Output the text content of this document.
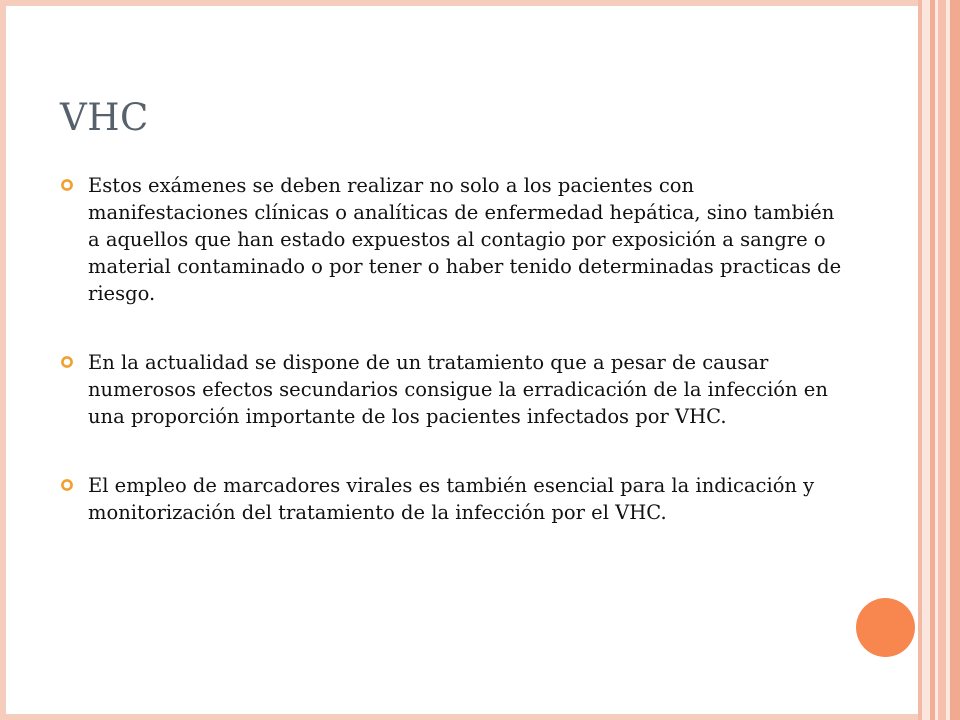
VHC
Estos exámenes se deben realizar no solo a los pacientes con manifestaciones clínicas o analíticas de enfermedad hepática, sino también a aquellos que han estado expuestos al contagio por exposición a sangre o material contaminado o por tener o haber tenido determinadas practicas de riesgo.
En la actualidad se dispone de un tratamiento que a pesar de causar numerosos efectos secundarios consigue la erradicación de la infección en una proporción importante de los pacientes infectados por VHC.
El empleo de marcadores virales es también esencial para la indicación y monitorización del tratamiento de la infección por el VHC.
